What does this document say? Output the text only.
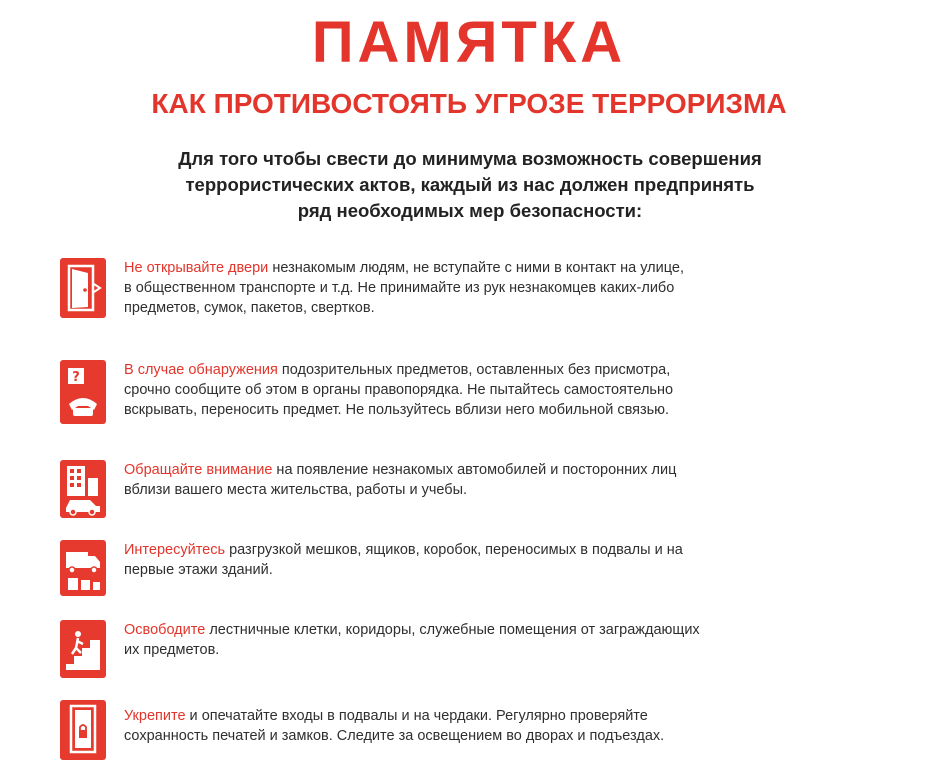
ПАМЯТКА
КАК ПРОТИВОСТОЯТЬ УГРОЗЕ ТЕРРОРИЗМА
Для того чтобы свести до минимума возможность совершения
террористических актов, каждый из нас должен предпринять
ряд необходимых мер безопасности:
Не открывайте двери незнакомым людям, не вступайте с ними в контакт на улице,
в общественном транспорте и т.д. Не принимайте из рук незнакомцев каких-либо
предметов, сумок, пакетов, свертков.
?	В случае обнаружения подозрительных предметов, оставленных без присмотра,
срочно сообщите об этом в органы правопорядка. Не пытайтесь самостоятельно
вскрывать, переносить предмет. Не пользуйтесь вблизи него мобильной связью.
Обращайте внимание на появление незнакомых автомобилей и посторонних лиц
вблизи вашего места жительства, работы и учебы.
Интересуйтесь разгрузкой мешков, ящиков, коробок, переносимых в подвалы и на
первые этажи зданий.
Освободите лестничные клетки, коридоры, служебные помещения от заграждающих
их предметов.
Укрепите и опечатайте входы в подвалы и на чердаки. Регулярно проверяйте
сохранность печатей и замков. Следите за освещением во дворах и подъездах.
